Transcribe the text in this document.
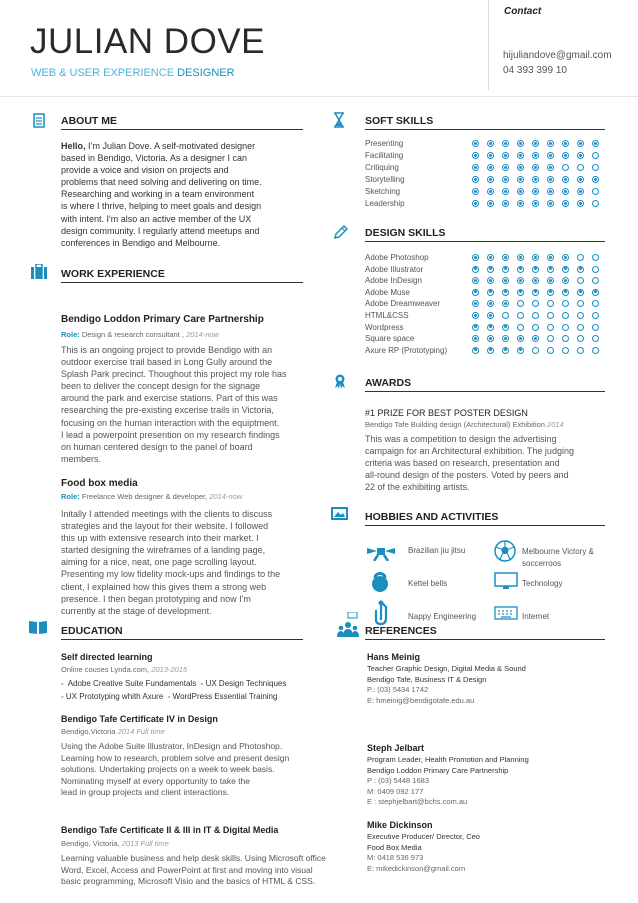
JULIAN DOVE
WEB & USER EXPERIENCE DESIGNER
Contact
hijuliandove@gmail.com
04 393 399 10
ABOUT ME
Hello, I’m Julian Dove. A self-motivated designer
based in Bendigo, Victoria. As a designer I can
provide a voice and vision on projects and
problems that need solving and delivering on time.
Researching and working in a team environment
is where I thrive, helping to meet goals and design
with intent. I'm also an active member of the UX
design community. I regularly attend meetups and
conferences in Bendigo and Melbourne.
WORK EXPERIENCE
Bendigo Loddon Primary Care Partnership
Role: Design & research consultant , 2014-now
This is an ongoing project to provide Bendigo with an
outdoor exercise trail based in Long Gully around the
Splash Park precinct. Thoughout this project my role has
been to deliver the concept design for the signage
around the park and exercise stations. Part of this was
researching the pre-existing excerise trails in Victoria,
focusing on the human interaction with the equiptment.
I lead a powerpoint presention on my research findings
on human centered design to the panel of board
members.
Food box media
Role: Freelance Web designer & developer, 2014-now
Initally I attended meetings with the clients to discuss
strategies and the layout for their website. I followed
this up with extensive research into their market. I
started designing the wireframes of a landing page,
aiming for a nice, neat, one page scrolling layout.
Presenting my low fidelity mock-ups and findings to the
client, I explained how this gives them a strong web
presence. I then began prototyping and now I'm
currently at the stage of development.
EDUCATION
Self directed learning
Online couses Lynda.com, 2013-2015
- Adobe Creative Suite Fundamentals - UX Design Techniques
- UX Prototyping whith Axure - WordPress Essential Training
Bendigo Tafe Certificate IV in Design
Bendigo,Victoria 2014 Full time
Using the Adobe Suite Illustrator, InDesign and Photoshop.
Learning how to research, problem solve and present design
solutions. Undertaking projects on a week to week basis.
Nominating myself at every opportunity to take the
lead in group projects and client interactions.
Bendigo Tafe Certificate II & III in IT & Digital Media
Bendigo, Victoria, 2013 Full time
Learning valuable business and help desk skills. Using Microsoft office
Word, Excel, Access and PowerPoint at first and moving into visual
basic programming, Microsoft Visio and the basics of HTML & CSS.
SOFT SKILLS
Presenting
Facilitating
Critiquing
Storytelling
Sketching
Leadership
DESIGN SKILLS
Adobe Photoshop
Adobe Illustrator
Adobe InDesign
Adobe Muse
Adobe Dreamweaver
HTML&CSS
Wordpress
Square space
Axure RP (Prototyping)
AWARDS
#1 PRIZE FOR BEST POSTER DESIGN
Bendigo Tafe Building design (Architectural) Exhibition 2014
This was a competition to design the advertising
campaign for an Architectural exhibition. The judging
criteria was based on research, presentation and
all-round design of the posters. Voted by peers and
22 of the exhibiting artists.
HOBBIES AND ACTIVITIES
Brazilian jiu jitsu	Melbourne Victory & soccerroos
Kettel bells	Technology
Nappy Engineering	Internet
REFERENCES
Hans Meinig
Teacher Graphic Design, Digital Media & Sound
Bendigo Tafe, Business IT & Design
P.: (03) 5434 1742
E: hmeinig@bendigotafe.edu.au
Steph Jelbart
Program Leader, Health Promotion and Planning
Bendigo Loddon Primary Care Partnership
P : (03) 5448 1683
M: 0409 092 177
E : stephjelbart@bchs.com.au
Mike Dickinson
Executive Producer/ Director, Ceo
Food Box Media
M: 0418 536 973
E: mikedickinson@gmail.com
